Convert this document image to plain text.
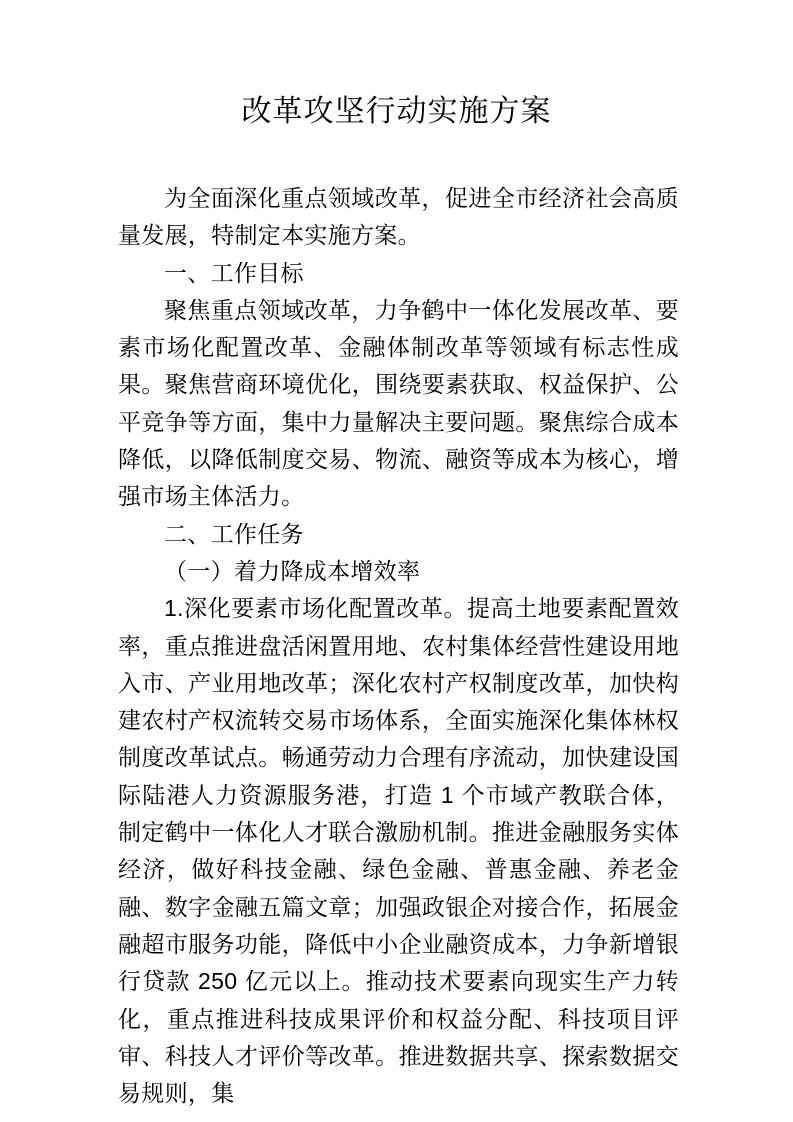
改革攻坚行动实施方案

为全面深化重点领域改革，促进全市经济社会高质量发展，特制定本实施方案。

一、工作目标

聚焦重点领域改革，力争鹤中一体化发展改革、要素市场化配置改革、金融体制改革等领域有标志性成果。聚焦营商环境优化，围绕要素获取、权益保护、公平竞争等方面，集中力量解决主要问题。聚焦综合成本降低，以降低制度交易、物流、融资等成本为核心，增强市场主体活力。

二、工作任务

（一）着力降成本增效率

1.深化要素市场化配置改革。提高土地要素配置效率，重点推进盘活闲置用地、农村集体经营性建设用地入市、产业用地改革；深化农村产权制度改革，加快构建农村产权流转交易市场体系，全面实施深化集体林权制度改革试点。畅通劳动力合理有序流动，加快建设国际陆港人力资源服务港，打造 1 个市域产教联合体，制定鹤中一体化人才联合激励机制。推进金融服务实体经济，做好科技金融、绿色金融、普惠金融、养老金融、数字金融五篇文章；加强政银企对接合作，拓展金融超市服务功能，降低中小企业融资成本，力争新增银行贷款 250 亿元以上。推动技术要素向现实生产力转化，重点推进科技成果评价和权益分配、科技项目评审、科技人才评价等改革。推进数据共享、探索数据交易规则，集
